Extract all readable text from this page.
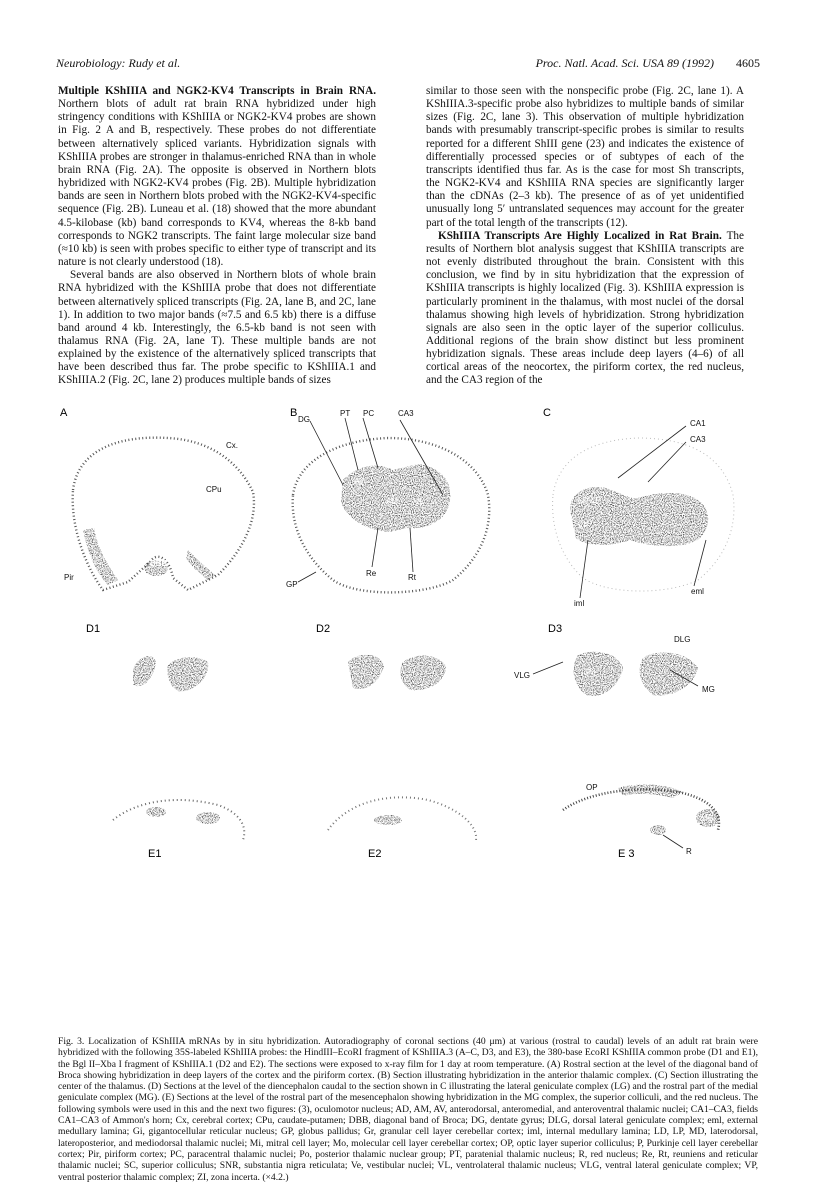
Neurobiology: Rudy et al.	Proc. Natl. Acad. Sci. USA 89 (1992) 4605

Multiple KShIIIA and NGK2-KV4 Transcripts in Brain RNA. Northern blots of adult rat brain RNA hybridized under high stringency conditions with KShIIIA or NGK2-KV4 probes are shown in Fig. 2 A and B, respectively. These probes do not differentiate between alternatively spliced variants. Hybridization signals with KShIIIA probes are stronger in thalamus-enriched RNA than in whole brain RNA (Fig. 2A). The opposite is observed in Northern blots hybridized with NGK2-KV4 probes (Fig. 2B). Multiple hybridization bands are seen in Northern blots probed with the NGK2-KV4-specific sequence (Fig. 2B). Luneau et al. (18) showed that the more abundant 4.5-kilobase (kb) band corresponds to KV4, whereas the 8-kb band corresponds to NGK2 transcripts. The faint large molecular size band (≈10 kb) is seen with probes specific to either type of transcript and its nature is not clearly understood (18).

Several bands are also observed in Northern blots of whole brain RNA hybridized with the KShIIIA probe that does not differentiate between alternatively spliced transcripts (Fig. 2A, lane B, and 2C, lane 1). In addition to two major bands (≈7.5 and 6.5 kb) there is a diffuse band around 4 kb. Interestingly, the 6.5-kb band is not seen with thalamus RNA (Fig. 2A, lane T). These multiple bands are not explained by the existence of the alternatively spliced transcripts that have been described thus far. The probe specific to KShIIIA.1 and KShIIIA.2 (Fig. 2C, lane 2) produces multiple bands of sizes

similar to those seen with the nonspecific probe (Fig. 2C, lane 1). A KShIIIA.3-specific probe also hybridizes to multiple bands of similar sizes (Fig. 2C, lane 3). This observation of multiple hybridization bands with presumably transcript-specific probes is similar to results reported for a different ShIII gene (23) and indicates the existence of differentially processed species or of subtypes of each of the transcripts identified thus far. As is the case for most Sh transcripts, the NGK2-KV4 and KShIIIA RNA species are significantly larger than the cDNAs (2–3 kb). The presence of as of yet unidentified unusually long 5′ untranslated sequences may account for the greater part of the total length of the transcripts (12).

KShIIIA Transcripts Are Highly Localized in Rat Brain. The results of Northern blot analysis suggest that KShIIIA transcripts are not evenly distributed throughout the brain. Consistent with this conclusion, we find by in situ hybridization that the expression of KShIIIA transcripts is highly localized (Fig. 3). KShIIIA expression is particularly prominent in the thalamus, with most nuclei of the dorsal thalamus showing high levels of hybridization. Strong hybridization signals are also seen in the optic layer of the superior colliculus. Additional regions of the brain show distinct but less prominent hybridization signals. These areas include deep layers (4–6) of all cortical areas of the neocortex, the piriform cortex, the red nucleus, and the CA3 region of the

A	B	C
D1	D2	D3
E1	E2	E 3
Cx.
CPu
Pir
DBB
DG
PT PC	CA3
AV
AM VL
GP
Re	Rt
CA1
CA3
LD-LP
VP
iml
eml
Po
DLG
VLG
MG
OP
MG
R
Fig. 3. Localization of KShIIIA mRNAs by in situ hybridization. Autoradiography of coronal sections (40 μm) at various (rostral to caudal) levels of an adult rat brain were hybridized with the following 35S-labeled KShIIIA probes: the HindIII–EcoRI fragment of KShIIIA.3 (A–C, D3, and E3), the 380-base EcoRI KShIIIA common probe (D1 and E1), the Bgl II–Xba I fragment of KShIIIA.1 (D2 and E2). The sections were exposed to x-ray film for 1 day at room temperature. (A) Rostral section at the level of the diagonal band of Broca showing hybridization in deep layers of the cortex and the piriform cortex. (B) Section illustrating hybridization in the anterior thalamic complex. (C) Section illustrating the center of the thalamus. (D) Sections at the level of the diencephalon caudal to the section shown in C illustrating the lateral geniculate complex (LG) and the rostral part of the medial geniculate complex (MG). (E) Sections at the level of the rostral part of the mesencephalon showing hybridization in the MG complex, the superior colliculi, and the red nucleus. The following symbols were used in this and the next two figures: (3), oculomotor nucleus; AD, AM, AV, anterodorsal, anteromedial, and anteroventral thalamic nuclei; CA1–CA3, fields CA1–CA3 of Ammon's horn; Cx, cerebral cortex; CPu, caudate-putamen; DBB, diagonal band of Broca; DG, dentate gyrus; DLG, dorsal lateral geniculate complex; eml, external medullary lamina; Gi, gigantocellular reticular nucleus; GP, globus pallidus; Gr, granular cell layer cerebellar cortex; iml, internal medullary lamina; LD, LP, MD, laterodorsal, lateroposterior, and mediodorsal thalamic nuclei; Mi, mitral cell layer; Mo, molecular cell layer cerebellar cortex; OP, optic layer superior colliculus; P, Purkinje cell layer cerebellar cortex; Pir, piriform cortex; PC, paracentral thalamic nuclei; Po, posterior thalamic nuclear group; PT, paratenial thalamic nucleus; R, red nucleus; Re, Rt, reuniens and reticular thalamic nuclei; SC, superior colliculus; SNR, substantia nigra reticulata; Ve, vestibular nuclei; VL, ventrolateral thalamic nucleus; VLG, ventral lateral geniculate complex; VP, ventral posterior thalamic complex; ZI, zona incerta. (×4.2.)
